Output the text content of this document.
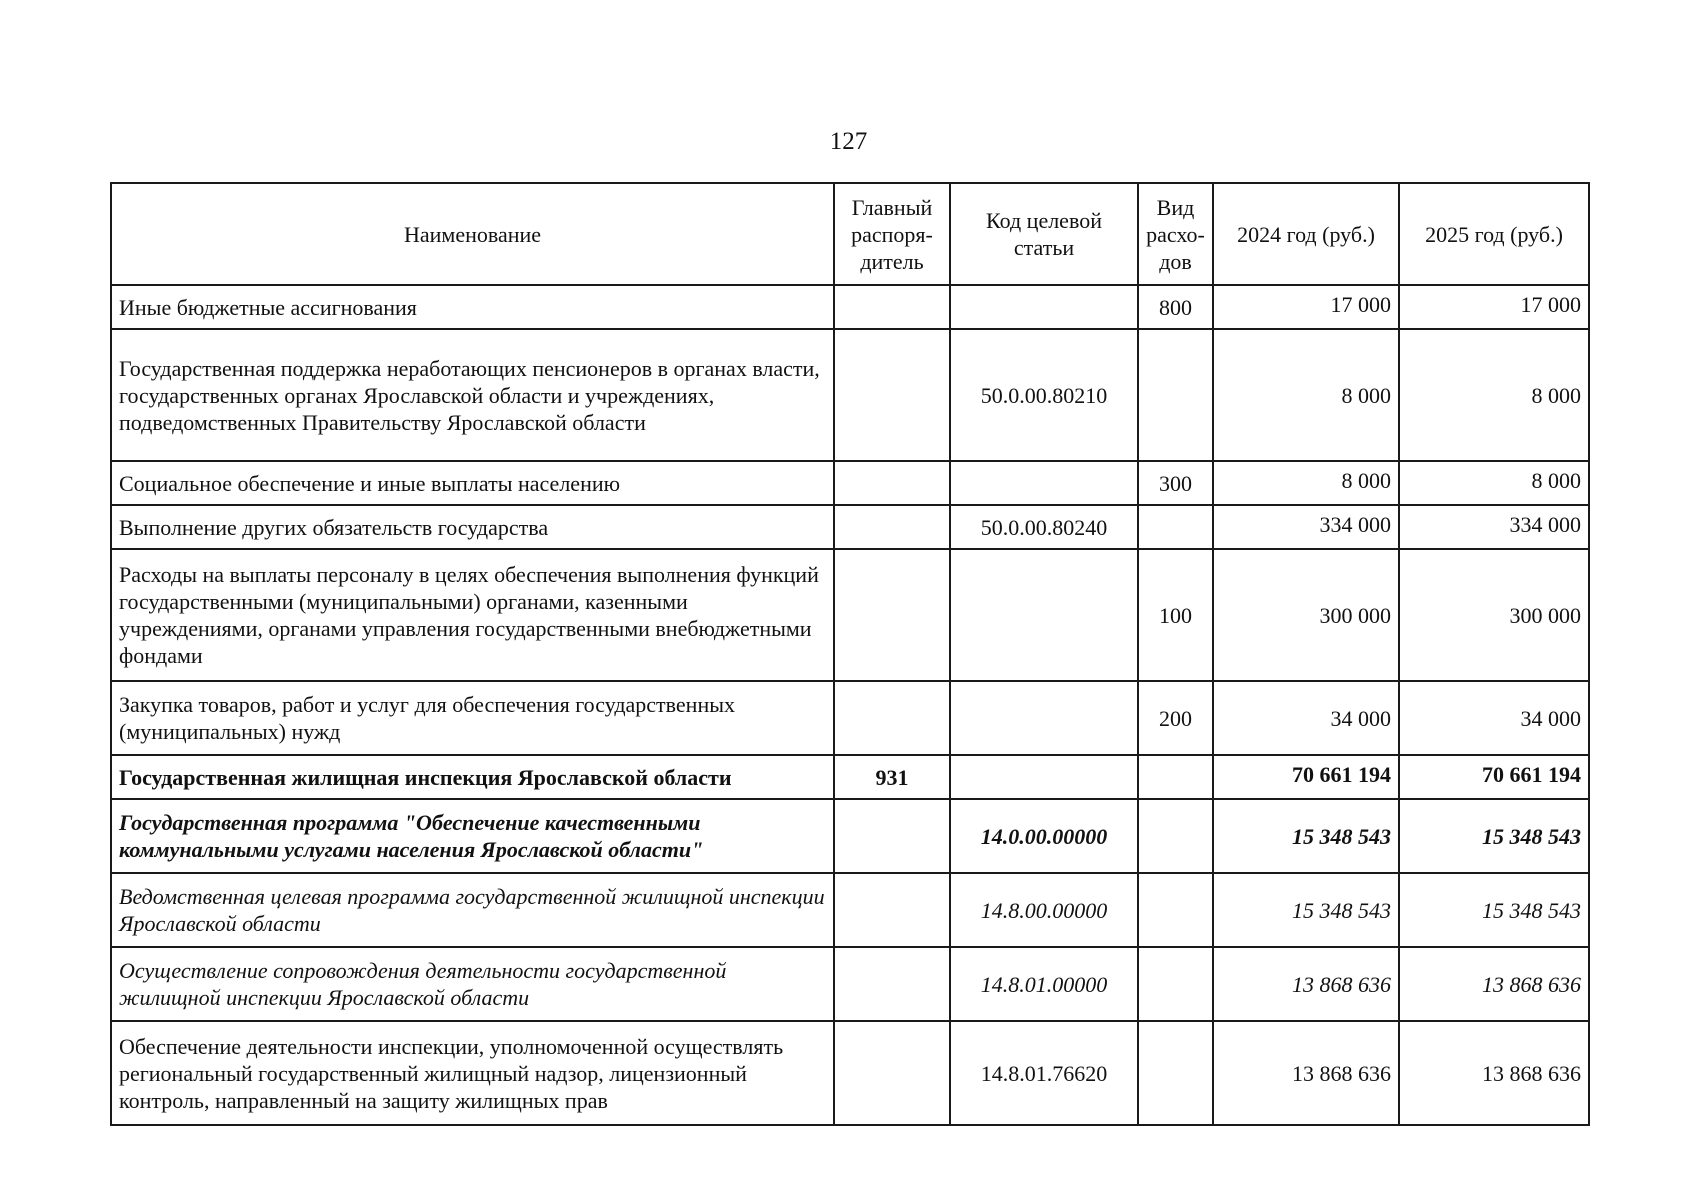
127
Наименование	Главный распоря-дитель	Код целевой статьи	Вид расхо-дов	2024 год (руб.)	2025 год (руб.)
Иные бюджетные ассигнования			800	17 000	17 000
Государственная поддержка неработающих пенсионеров в органах власти, государственных органах Ярославской области и учреждениях, подведомственных Правительству Ярославской области		50.0.00.80210		8 000	8 000
Социальное обеспечение и иные выплаты населению			300	8 000	8 000
Выполнение других обязательств государства		50.0.00.80240		334 000	334 000
Расходы на выплаты персоналу в целях обеспечения выполнения функций государственными (муниципальными) органами, казенными учреждениями, органами управления государственными внебюджетными фондами			100	300 000	300 000
Закупка товаров, работ и услуг для обеспечения государственных (муниципальных) нужд			200	34 000	34 000
Государственная жилищная инспекция Ярославской области	931			70 661 194	70 661 194
Государственная программа "Обеспечение качественными коммунальными услугами населения Ярославской области"		14.0.00.00000		15 348 543	15 348 543
Ведомственная целевая программа государственной жилищной инспекции Ярославской области		14.8.00.00000		15 348 543	15 348 543
Осуществление сопровождения деятельности государственной жилищной инспекции Ярославской области		14.8.01.00000		13 868 636	13 868 636
Обеспечение деятельности инспекции, уполномоченной осуществлять региональный государственный жилищный надзор, лицензионный контроль, направленный на защиту жилищных прав		14.8.01.76620		13 868 636	13 868 636
